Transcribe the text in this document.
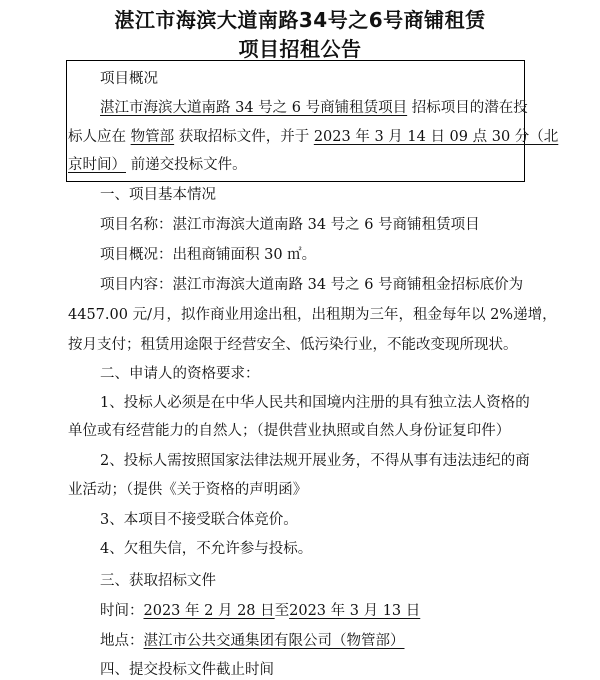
湛江市海滨大道南路34号之6号商铺租赁
项目招租公告
项目概况
湛江市海滨大道南路 34 号之 6 号商铺租赁项目 招标项目的潜在投
标人应在 物管部 获取招标文件，并于 2023 年 3 月 14 日 09 点 30 分（北
京时间） 前递交投标文件。
一、项目基本情况
项目名称：湛江市海滨大道南路 34 号之 6 号商铺租赁项目
项目概况：出租商铺面积 30 ㎡。
项目内容：湛江市海滨大道南路 34 号之 6 号商铺租金招标底价为
4457.00 元/月，拟作商业用途出租，出租期为三年，租金每年以 2%递增，
按月支付；租赁用途限于经营安全、低污染行业，不能改变现所现状。
二、申请人的资格要求：
1、投标人必须是在中华人民共和国境内注册的具有独立法人资格的
单位或有经营能力的自然人；（提供营业执照或自然人身份证复印件）
2、投标人需按照国家法律法规开展业务，不得从事有违法违纪的商
业活动；（提供《关于资格的声明函》
3、本项目不接受联合体竞价。
4、欠租失信，不允许参与投标。
三、获取招标文件
时间：2023 年 2 月 28 日至2023 年 3 月 13 日
地点：湛江市公共交通集团有限公司（物管部）
四、提交投标文件截止时间
